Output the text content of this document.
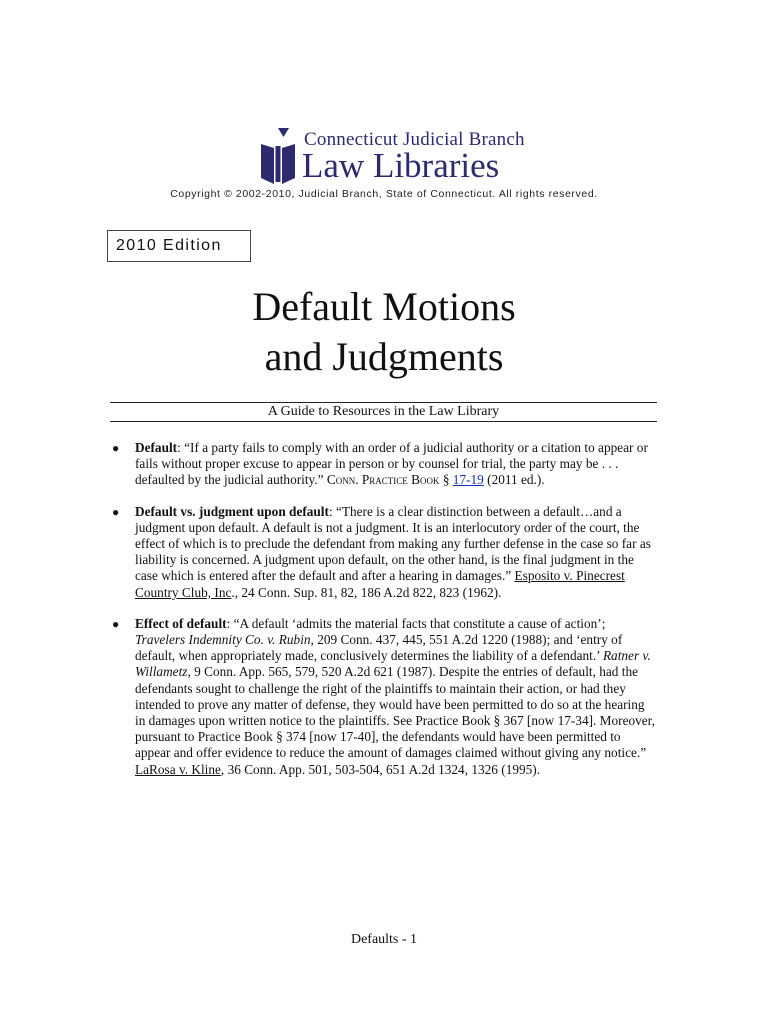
Connecticut Judicial Branch
Law Libraries
Copyright © 2002-2010, Judicial Branch, State of Connecticut. All rights reserved.
2010 Edition
Default Motions
and Judgments
A Guide to Resources in the Law Library
● Default: “If a party fails to comply with an order of a judicial authority or a citation to appear or fails without proper excuse to appear in person or by counsel for trial, the party may be . . . defaulted by the judicial authority.” Conn. Practice Book § 17-19 (2011 ed.).
● Default vs. judgment upon default: “There is a clear distinction between a default…and a judgment upon default. A default is not a judgment. It is an interlocutory order of the court, the effect of which is to preclude the defendant from making any further defense in the case so far as liability is concerned. A judgment upon default, on the other hand, is the final judgment in the case which is entered after the default and after a hearing in damages.” Esposito v. Pinecrest Country Club, Inc., 24 Conn. Sup. 81, 82, 186 A.2d 822, 823 (1962).
● Effect of default: “A default ‘admits the material facts that constitute a cause of action’; Travelers Indemnity Co. v. Rubin, 209 Conn. 437, 445, 551 A.2d 1220 (1988); and ‘entry of default, when appropriately made, conclusively determines the liability of a defendant.’ Ratner v. Willametz, 9 Conn. App. 565, 579, 520 A.2d 621 (1987). Despite the entries of default, had the defendants sought to challenge the right of the plaintiffs to maintain their action, or had they intended to prove any matter of defense, they would have been permitted to do so at the hearing in damages upon written notice to the plaintiffs. See Practice Book § 367 [now 17-34]. Moreover, pursuant to Practice Book § 374 [now 17-40], the defendants would have been permitted to appear and offer evidence to reduce the amount of damages claimed without giving any notice.” LaRosa v. Kline, 36 Conn. App. 501, 503-504, 651 A.2d 1324, 1326 (1995).
Defaults - 1
